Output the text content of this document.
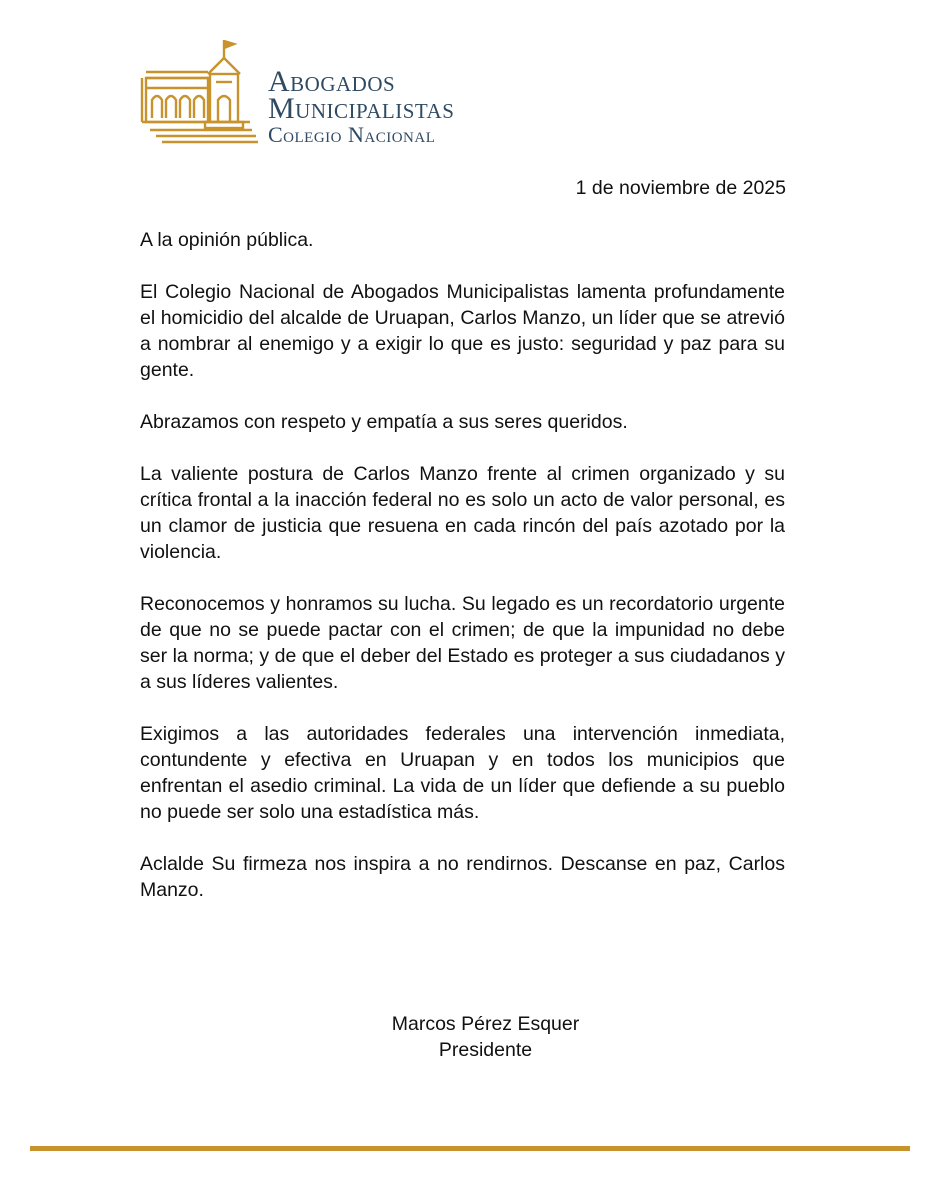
Abogados
Municipalistas
Colegio Nacional
1 de noviembre de 2025

A la opinión pública.

El Colegio Nacional de Abogados Municipalistas lamenta profundamente el homicidio del alcalde de Uruapan, Carlos Manzo, un líder que se atrevió a nombrar al enemigo y a exigir lo que es justo: seguridad y paz para su gente.

Abrazamos con respeto y empatía a sus seres queridos.

La valiente postura de Carlos Manzo frente al crimen organizado y su crítica frontal a la inacción federal no es solo un acto de valor personal, es un clamor de justicia que resuena en cada rincón del país azotado por la violencia.

Reconocemos y honramos su lucha. Su legado es un recordatorio urgente de que no se puede pactar con el crimen; de que la impunidad no debe ser la norma; y de que el deber del Estado es proteger a sus ciudadanos y a sus líderes valientes.

Exigimos a las autoridades federales una intervención inmediata, contundente y efectiva en Uruapan y en todos los municipios que enfrentan el asedio criminal. La vida de un líder que defiende a su pueblo no puede ser solo una estadística más.

Aclalde Su firmeza nos inspira a no rendirnos. Descanse en paz, Carlos Manzo.

Marcos Pérez Esquer
Presidente
